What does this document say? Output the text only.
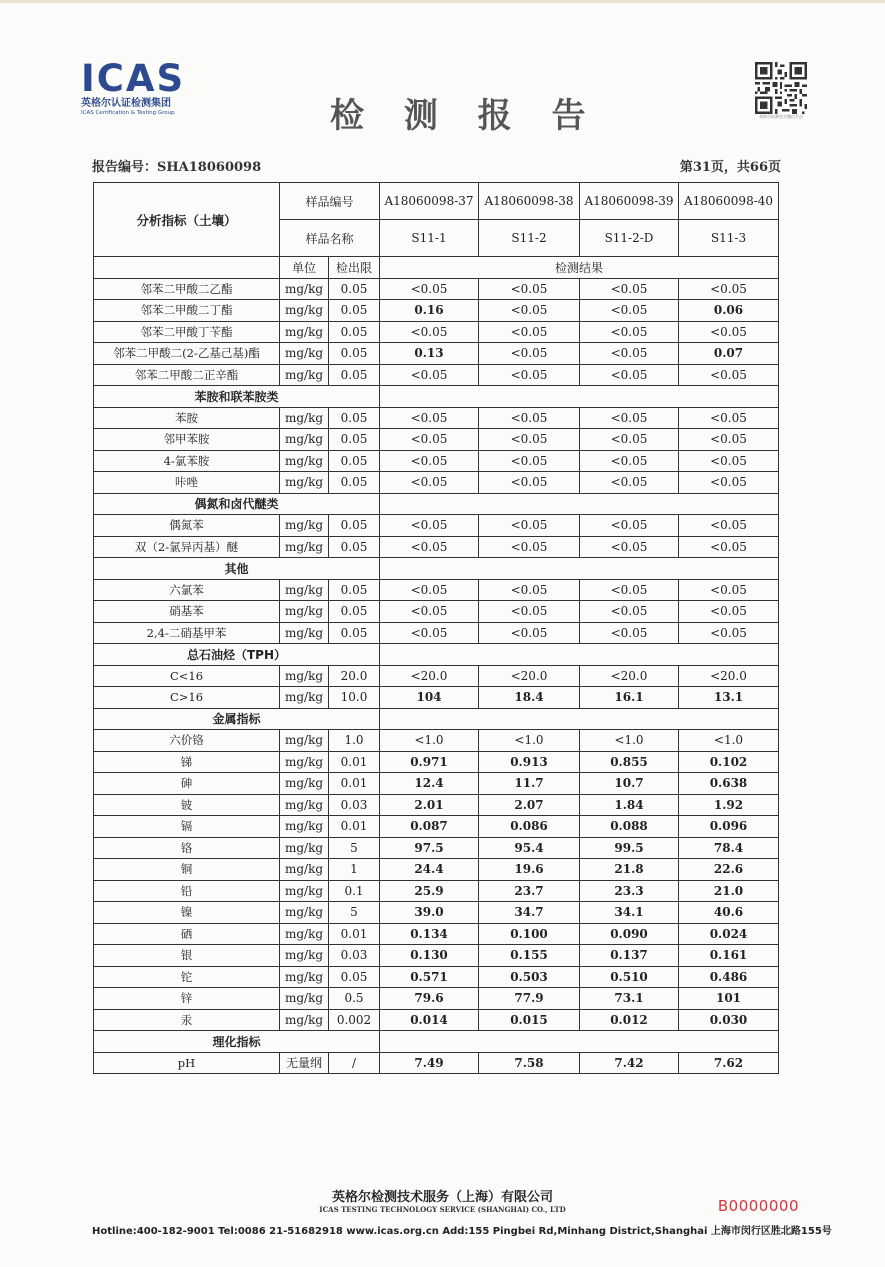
ICAS
英格尔认证检测集团
ICAS Certification & Testing Group	检 测 报 告	英格尔检测官方微信平台
报告编号：SHA18060098	第31页，共66页
分析指标（土壤）	样品编号		A18060098-37	A18060098-38	A18060098-39	A18060098-40
	样品名称		S11-1	S11-2	S11-2-D	S11-3
	单位	检出限	检测结果			
邻苯二甲酸二乙酯	mg/kg	0.05	<0.05	<0.05	<0.05	<0.05
邻苯二甲酸二丁酯	mg/kg	0.05	0.16	<0.05	<0.05	0.06
邻苯二甲酸丁苄酯	mg/kg	0.05	<0.05	<0.05	<0.05	<0.05
邻苯二甲酸二(2-乙基己基)酯	mg/kg	0.05	0.13	<0.05	<0.05	0.07
邻苯二甲酸二正辛酯	mg/kg	0.05	<0.05	<0.05	<0.05	<0.05
苯胺和联苯胺类						
苯胺	mg/kg	0.05	<0.05	<0.05	<0.05	<0.05
邻甲苯胺	mg/kg	0.05	<0.05	<0.05	<0.05	<0.05
4-氯苯胺	mg/kg	0.05	<0.05	<0.05	<0.05	<0.05
咔唑	mg/kg	0.05	<0.05	<0.05	<0.05	<0.05
偶氮和卤代醚类						
偶氮苯	mg/kg	0.05	<0.05	<0.05	<0.05	<0.05
双（2-氯异丙基）醚	mg/kg	0.05	<0.05	<0.05	<0.05	<0.05
其他						
六氯苯	mg/kg	0.05	<0.05	<0.05	<0.05	<0.05
硝基苯	mg/kg	0.05	<0.05	<0.05	<0.05	<0.05
2,4-二硝基甲苯	mg/kg	0.05	<0.05	<0.05	<0.05	<0.05
总石油烃（TPH）						
C<16	mg/kg	20.0	<20.0	<20.0	<20.0	<20.0
C>16	mg/kg	10.0	104	18.4	16.1	13.1
金属指标						
六价铬	mg/kg	1.0	<1.0	<1.0	<1.0	<1.0
锑	mg/kg	0.01	0.971	0.913	0.855	0.102
砷	mg/kg	0.01	12.4	11.7	10.7	0.638
铍	mg/kg	0.03	2.01	2.07	1.84	1.92
镉	mg/kg	0.01	0.087	0.086	0.088	0.096
铬	mg/kg	5	97.5	95.4	99.5	78.4
铜	mg/kg	1	24.4	19.6	21.8	22.6
铅	mg/kg	0.1	25.9	23.7	23.3	21.0
镍	mg/kg	5	39.0	34.7	34.1	40.6
硒	mg/kg	0.01	0.134	0.100	0.090	0.024
银	mg/kg	0.03	0.130	0.155	0.137	0.161
铊	mg/kg	0.05	0.571	0.503	0.510	0.486
锌	mg/kg	0.5	79.6	77.9	73.1	101
汞	mg/kg	0.002	0.014	0.015	0.012	0.030
理化指标						
pH	无量纲	/	7.49	7.58	7.42	7.62
英格尔检测技术服务（上海）有限公司
ICAS TESTING TECHNOLOGY SERVICE (SHANGHAI) CO., LTD	B0000000
Hotline:400-182-9001 Tel:0086 21-51682918 www.icas.org.cn Add:155 Pingbei Rd,Minhang District,Shanghai 上海市闵行区胜北路155号
